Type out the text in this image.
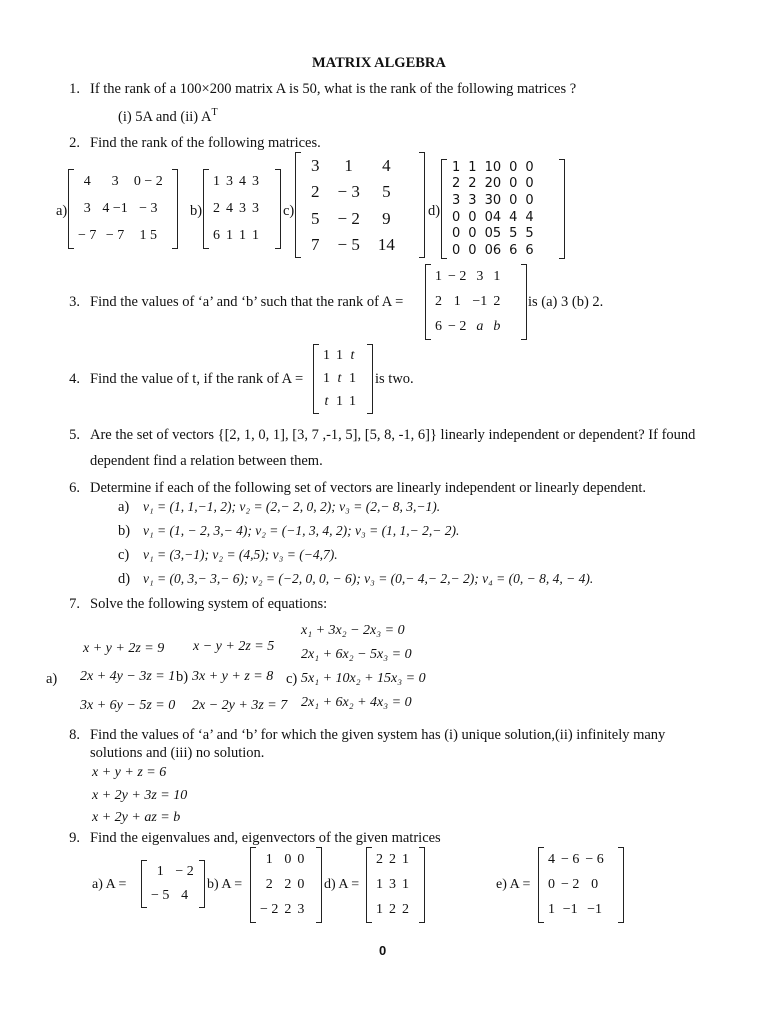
MATRIX ALGEBRA
1. If the rank of a 100×200 matrix A is 50, what is the rank of the following matrices ?
(i) 5A and (ii) $A^T$
2. Find the rank of the following matrices.
a)
4	3	0 − 2
3	4 −1	− 3
− 7	− 7	1 5
b)
1	3	4	3
2	4	3	3
6	1	1	1
c)
3	1	4
2	− 3	5
5	− 2	9
7	− 5	14
d)
1	1	10	0	0
2	2	20	0	0
3	3	30	0	0
0	0	04	4	4
0	0	05	5	5
0	0	06	6	6
3. Find the values of ‘a’ and ‘b’ such that the rank of A =
1	− 2	3	1
2	1	−1	2
6	− 2	a	b
is (a) 3 (b) 2.
4. Find the value of t, if the rank of A =
1	1	t
1	t	1
t	1	1
is two.
5. Are the set of vectors {[2, 1, 0, 1], [3, 7 ,-1, 5], [5, 8, -1, 6]} linearly independent or dependent? If found
dependent find a relation between them.
6. Determine if each of the following set of vectors are linearly independent or linearly dependent.
a) v₁ = (1, 1,−1, 2); v₂ = (2,− 2, 0, 2); v₃ = (2,− 8, 3,−1).
b) v₁ = (1, − 2, 3,− 4); v₂ = (−1, 3, 4, 2); v₃ = (1, 1,− 2,− 2).
c) v₁ = (3,−1); v₂ = (4,5); v₃ = (−4,7).
d) v₁ = (0, 3,− 3,− 6); v₂ = (−2, 0, 0, − 6); v₃ = (0,− 4,− 2,− 2); v₄ = (0, − 8, 4, − 4).
7. Solve the following system of equations:
a)
x + y + 2z = 9
2x + 4y − 3z = 1
3x + 6y − 5z = 0
b)
x − y + 2z = 5
3x + y + z = 8
2x − 2y + 3z = 7
c)
x₁ + 3x₂ − 2x₃ = 0
2x₁ + 6x₂ − 5x₃ = 0
5x₁ + 10x₂ + 15x₃ = 0
2x₁ + 6x₂ + 4x₃ = 0
8. Find the values of ‘a’ and ‘b’ for which the given system has (i) unique solution,(ii) infinitely many
solutions and (iii) no solution.
x + y + z = 6
x + 2y + 3z = 10
x + 2y + az = b
9. Find the eigenvalues and, eigenvectors of the given matrices
a) A =
1	− 2
− 5	4
b) A =
1	0	0
2	2	0
− 2	2	3
d) A =
2	2	1
1	3	1
1	2	2
e) A =
4	− 6	− 6
0	− 2	0
1	−1	−1
0
